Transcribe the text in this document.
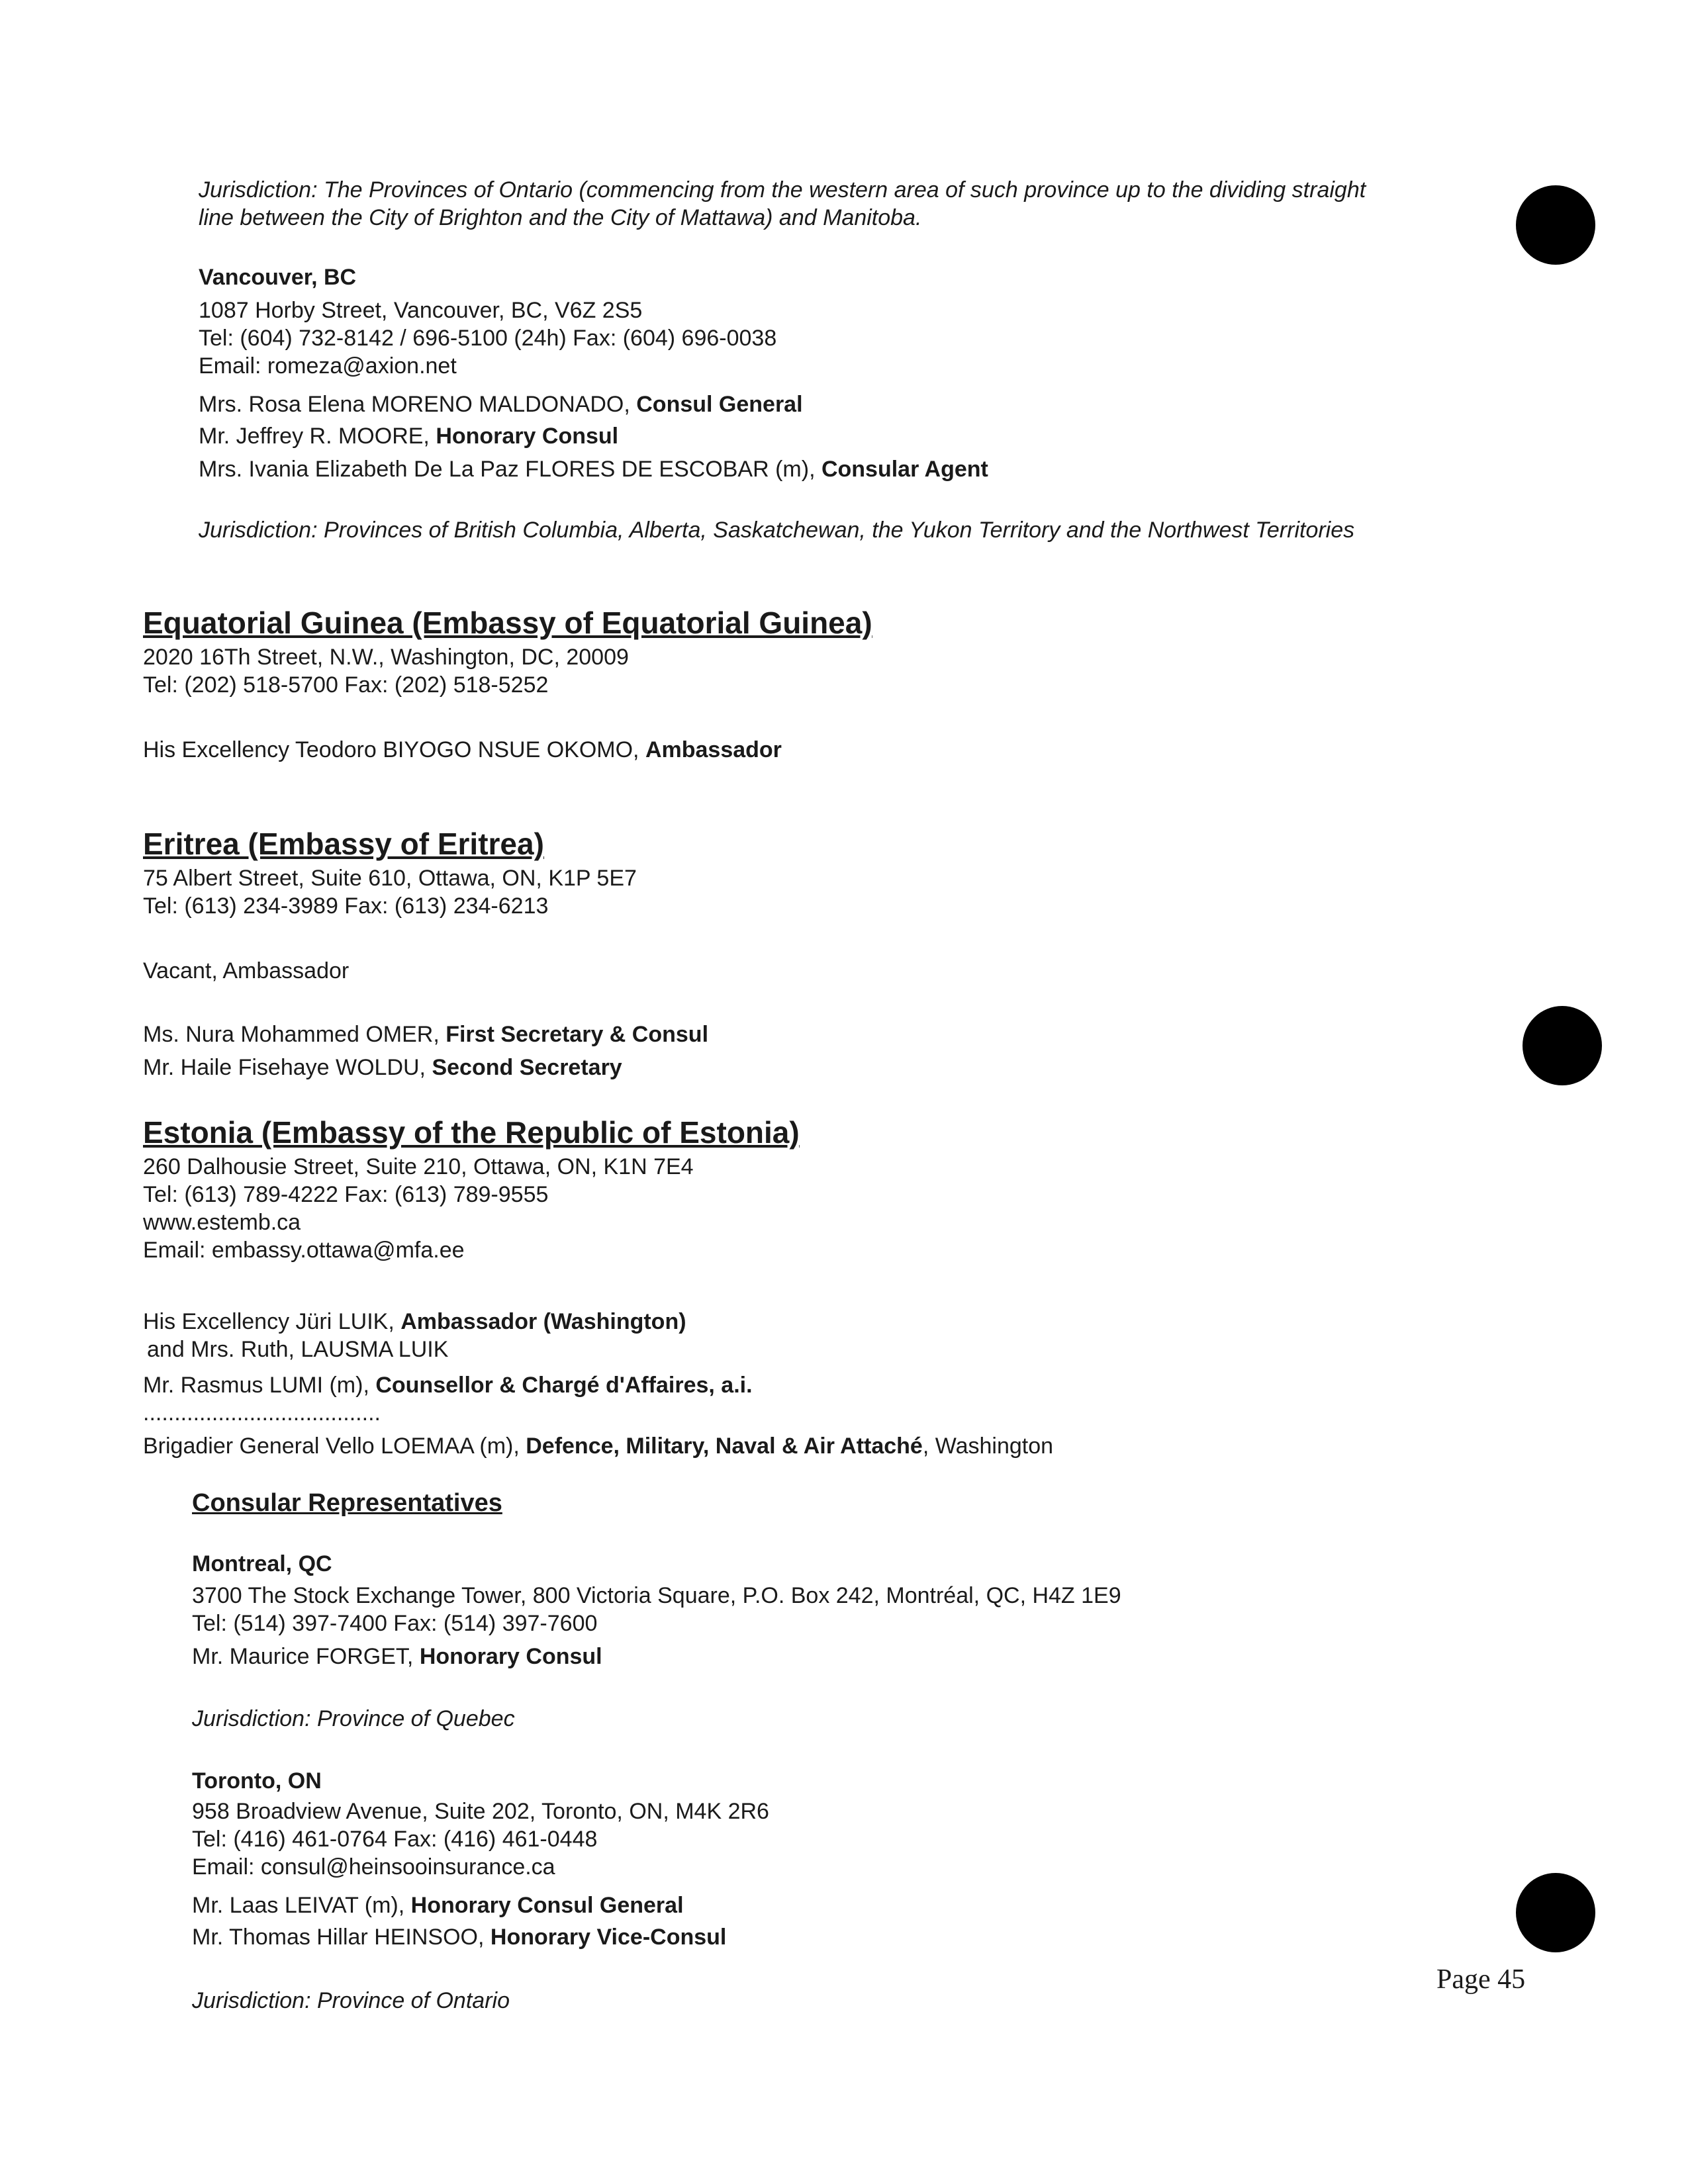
Jurisdiction: The Provinces of Ontario (commencing from the western area of such province up to the dividing straight
line between the City of Brighton and the City of Mattawa) and Manitoba.
Vancouver, BC
1087 Horby Street, Vancouver, BC, V6Z 2S5
Tel: (604) 732-8142 / 696-5100 (24h) Fax: (604) 696-0038
Email: romeza@axion.net
Mrs. Rosa Elena MORENO MALDONADO, Consul General
Mr. Jeffrey R. MOORE, Honorary Consul
Mrs. Ivania Elizabeth De La Paz FLORES DE ESCOBAR (m), Consular Agent
Jurisdiction: Provinces of British Columbia, Alberta, Saskatchewan, the Yukon Territory and the Northwest Territories
Equatorial Guinea (Embassy of Equatorial Guinea)
2020 16Th Street, N.W., Washington, DC, 20009
Tel: (202) 518-5700 Fax: (202) 518-5252
His Excellency Teodoro BIYOGO NSUE OKOMO, Ambassador
Eritrea (Embassy of Eritrea)
75 Albert Street, Suite 610, Ottawa, ON, K1P 5E7
Tel: (613) 234-3989 Fax: (613) 234-6213
Vacant, Ambassador
Ms. Nura Mohammed OMER, First Secretary & Consul
Mr. Haile Fisehaye WOLDU, Second Secretary
Estonia (Embassy of the Republic of Estonia)
260 Dalhousie Street, Suite 210, Ottawa, ON, K1N 7E4
Tel: (613) 789-4222 Fax: (613) 789-9555
www.estemb.ca
Email: embassy.ottawa@mfa.ee
His Excellency Jüri LUIK, Ambassador (Washington)
and Mrs. Ruth, LAUSMA LUIK
Mr. Rasmus LUMI (m), Counsellor & Chargé d'Affaires, a.i.
......................................
Brigadier General Vello LOEMAA (m), Defence, Military, Naval & Air Attaché, Washington
Consular Representatives
Montreal, QC
3700 The Stock Exchange Tower, 800 Victoria Square, P.O. Box 242, Montréal, QC, H4Z 1E9
Tel: (514) 397-7400 Fax: (514) 397-7600
Mr. Maurice FORGET, Honorary Consul
Jurisdiction: Province of Quebec
Toronto, ON
958 Broadview Avenue, Suite 202, Toronto, ON, M4K 2R6
Tel: (416) 461-0764 Fax: (416) 461-0448
Email: consul@heinsooinsurance.ca
Mr. Laas LEIVAT (m), Honorary Consul General
Mr. Thomas Hillar HEINSOO, Honorary Vice-Consul
Jurisdiction: Province of Ontario
Page 45
